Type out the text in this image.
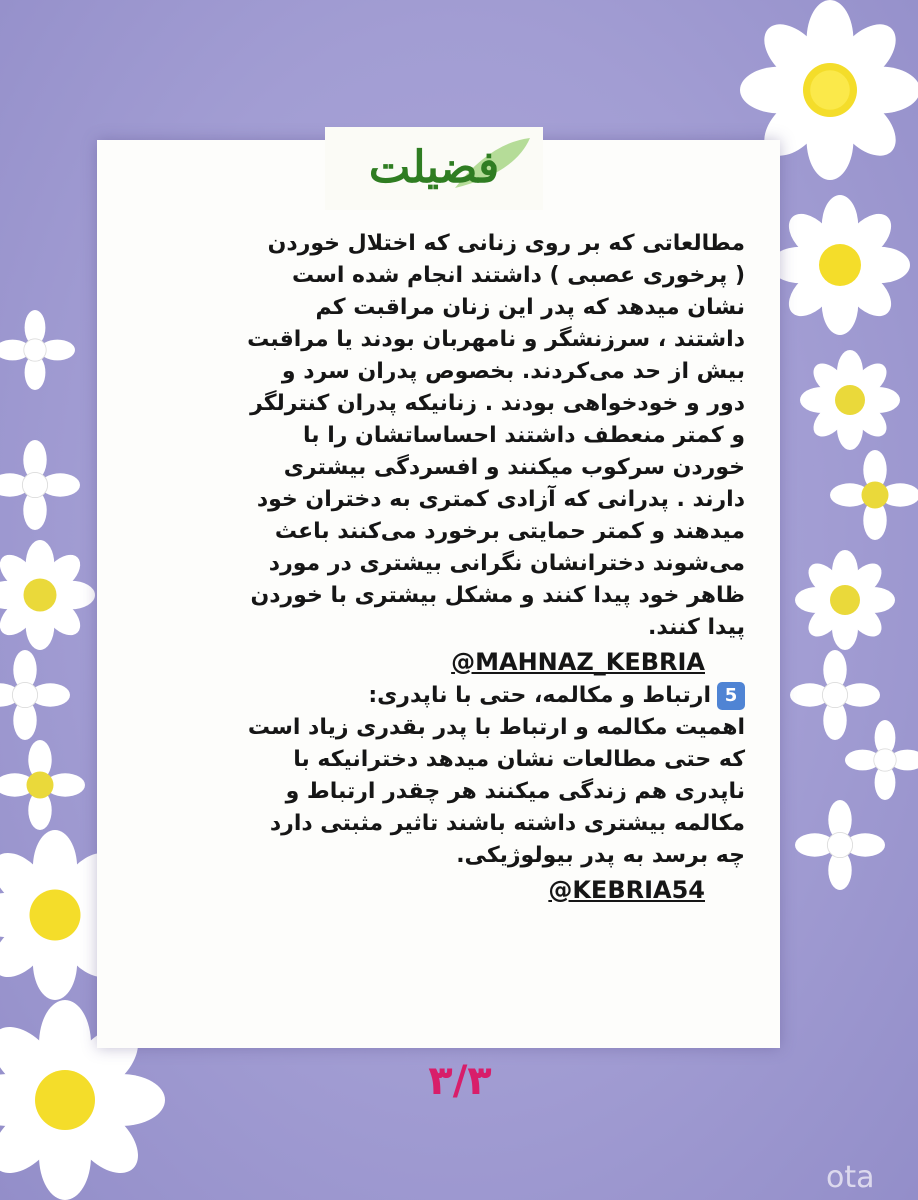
فضیلت

مطالعاتی که بر روی زنانی که اختلال خوردن

( پرخوری عصبی ) داشتند انجام شده است

نشان میدهد که پدر این زنان مراقبت کم

داشتند ، سرزنشگر و نامهربان بودند یا مراقبت

بیش از حد می‌کردند. بخصوص پدران سرد و

دور و خودخواهی بودند . زنانیکه پدران کنترلگر

و کمتر منعطف داشتند احساساتشان را با

خوردن سرکوب میکنند و افسردگی بیشتری

دارند . پدرانی که آزادی کمتری به دختران خود

میدهند و کمتر حمایتی برخورد می‌کنند باعث

می‌شوند دخترانشان نگرانی بیشتری در مورد

ظاهر خود پیدا کنند و مشکل بیشتری با خوردن

پیدا کنند.

@MAHNAZ_KEBRIA

5ارتباط و مکالمه، حتی با ناپدری:

اهمیت مکالمه و ارتباط با پدر بقدری زیاد است

که حتی مطالعات نشان میدهد دخترانیکه با

ناپدری هم زندگی میکنند هر چقدر ارتباط و

مکالمه بیشتری داشته باشند تاثیر مثبتی دارد

چه برسد به پدر بیولوژیکی.

@KEBRIA54
۳/۳
ota
